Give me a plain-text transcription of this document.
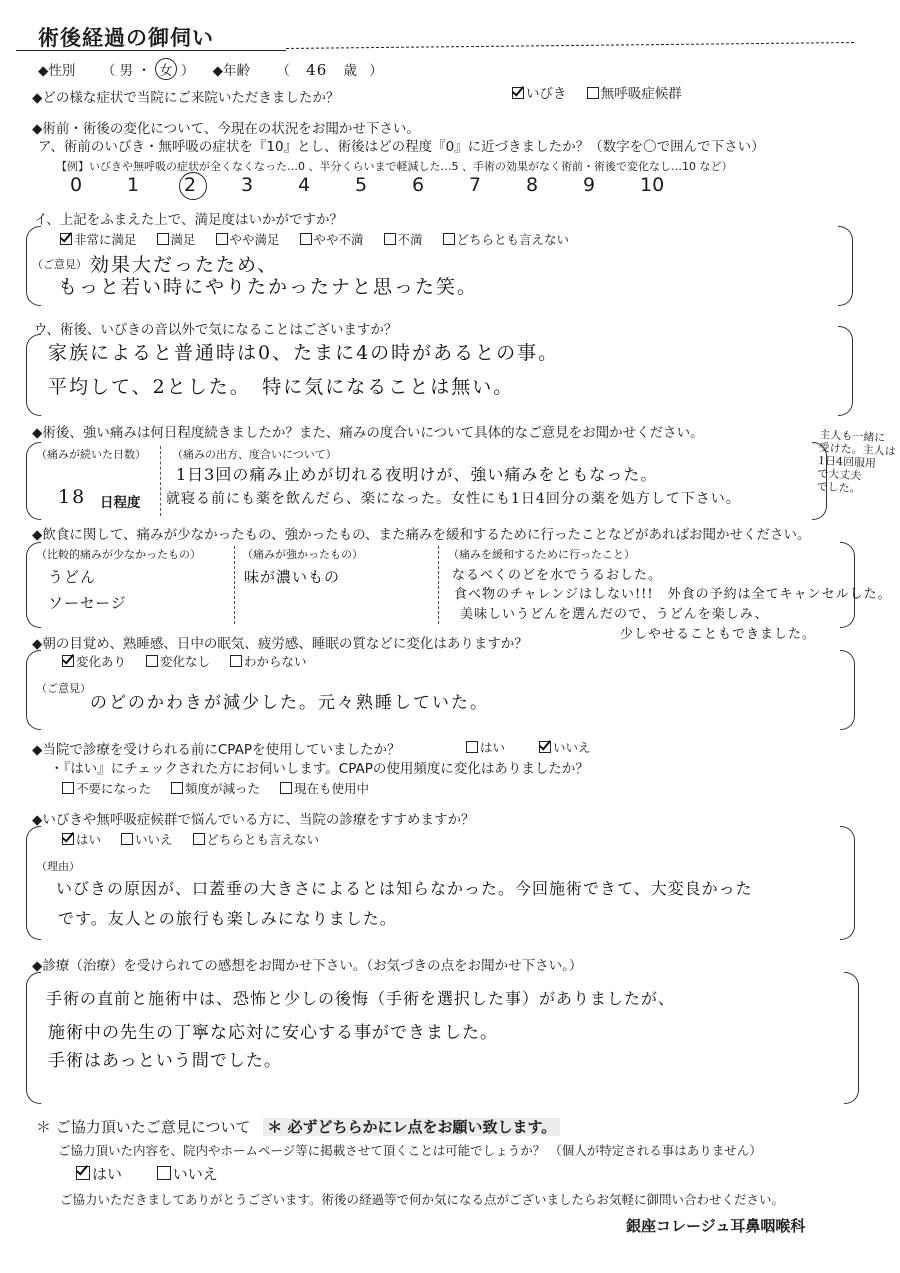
術後経過の御伺い
◆性別 （ 男 ・ 女 ） ◆年齢 （ 46 歳 ）
◆どの様な症状で当院にご来院いただきましたか？	いびき	無呼吸症候群
◆術前・術後の変化について、今現在の状況をお聞かせ下さい。
ア、術前のいびき・無呼吸の症状を『10』とし、術後はどの程度『0』に近づきましたか？（数字を〇で囲んで下さい）
【例】いびきや無呼吸の症状が全くなくなった…0 、半分くらいまで軽減した…5 、手術の効果がなく術前・術後で変化なし…10 など）
0 1 2 3 4 5 6 7 8 9 10
イ、上記をふまえた上で、満足度はいかがですか？
非常に満足	満足	やや満足	やや不満	不満	どちらとも言えない
（ご意見） 効果大だったため、
もっと若い時にやりたかったナと思った笑。
ウ、術後、いびきの音以外で気になることはございますか？
家族によると普通時は0、たまに4の時があるとの事。
平均して、2とした。　特に気になることは無い。
◆術後、強い痛みは何日程度続きましたか？また、痛みの度合いについて具体的なご意見をお聞かせください。
（痛みが続いた日数）
18 日程度
（痛みの出方、度合いについて）
1日3回の痛み止めが切れる夜明けが、強い痛みをともなった。
就寝る前にも薬を飲んだら、楽になった。女性にも1日4回分の薬を処方して下さい。
主人も一緒に
受けた。主人は
1日4回服用
で大丈夫
でした。
◆飲食に関して、痛みが少なかったもの、強かったもの、また痛みを緩和するために行ったことなどがあればお聞かせください。
（比較的痛みが少なかったもの）
うどん
ソーセージ
（痛みが強かったもの）
味が濃いもの
（痛みを緩和するために行ったこと）
なるべくのどを水でうるおした。
食べ物のチャレンジはしない!!!　外食の予約は全てキャンセルした。
美味しいうどんを選んだので、うどんを楽しみ、
少しやせることもできました。
◆朝の目覚め、熟睡感、日中の眠気、疲労感、睡眠の質などに変化はありますか？
変化あり	変化なし	わからない
（ご意見）
のどのかわきが減少した。元々熟睡していた。
◆当院で診療を受けられる前にCPAPを使用していましたか？	はい	いいえ
・『はい』にチェックされた方にお伺いします。CPAPの使用頻度に変化はありましたか？
不要になった	頻度が減った	現在も使用中
◆いびきや無呼吸症候群で悩んでいる方に、当院の診療をすすめますか？
はい	いいえ	どちらとも言えない
（理由）
いびきの原因が、口蓋垂の大きさによるとは知らなかった。今回施術できて、大変良かった
です。友人との旅行も楽しみになりました。
◆診療（治療）を受けられての感想をお聞かせ下さい。（お気づきの点をお聞かせ下さい。）
手術の直前と施術中は、恐怖と少しの後悔（手術を選択した事）がありましたが、
施術中の先生の丁寧な応対に安心する事ができました。
手術はあっという間でした。
＊ ご協力頂いたご意見について ＊ 必ずどちらかにレ点をお願い致します。
ご協力頂いた内容を、院内やホームページ等に掲載させて頂くことは可能でしょうか？ （個人が特定される事はありません）
はい	いいえ
ご協力いただきましてありがとうございます。術後の経過等で何か気になる点がございましたらお気軽に御問い合わせください。
銀座コレージュ耳鼻咽喉科
